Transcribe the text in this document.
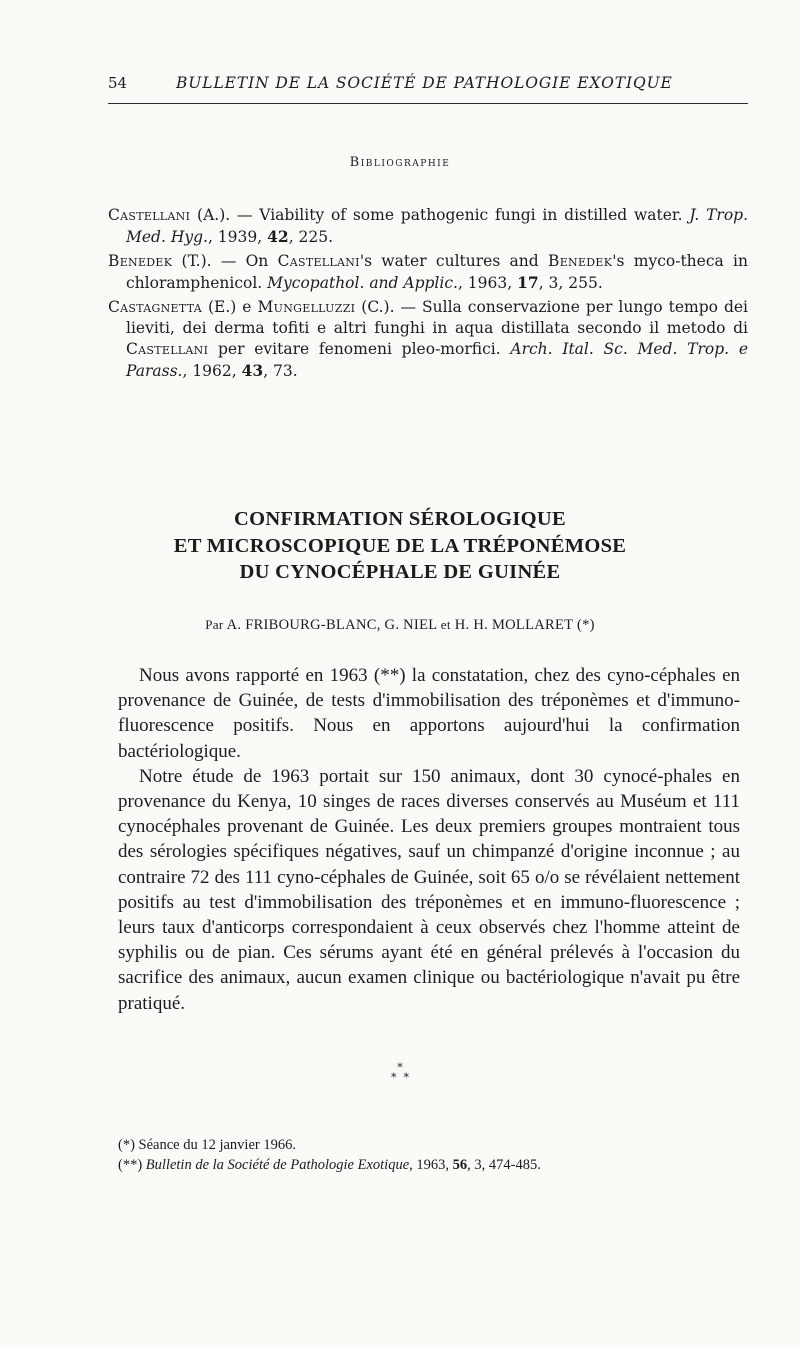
54	BULLETIN DE LA SOCIÉTÉ DE PATHOLOGIE EXOTIQUE
Bibliographie

Castellani (A.). — Viability of some pathogenic fungi in distilled water. J. Trop. Med. Hyg., 1939, 42, 225.

Benedek (T.). — On Castellani's water cultures and Benedek's myco-theca in chloramphenicol. Mycopathol. and Applic., 1963, 17, 3, 255.

Castagnetta (E.) e Mungelluzzi (C.). — Sulla conservazione per lungo tempo dei lieviti, dei derma tofiti e altri funghi in aqua distillata secondo il metodo di Castellani per evitare fenomeni pleo-morfici. Arch. Ital. Sc. Med. Trop. e Parass., 1962, 43, 73.

CONFIRMATION SÉROLOGIQUE
ET MICROSCOPIQUE DE LA TRÉPONÉMOSE
DU CYNOCÉPHALE DE GUINÉE
Par A. FRIBOURG-BLANC, G. NIEL et H. H. MOLLARET (*)

Nous avons rapporté en 1963 (**) la constatation, chez des cyno-céphales en provenance de Guinée, de tests d'immobilisation des tréponèmes et d'immuno-fluorescence positifs. Nous en apportons aujourd'hui la confirmation bactériologique.

Notre étude de 1963 portait sur 150 animaux, dont 30 cynocé-phales en provenance du Kenya, 10 singes de races diverses conservés au Muséum et 111 cynocéphales provenant de Guinée. Les deux premiers groupes montraient tous des sérologies spécifiques négatives, sauf un chimpanzé d'origine inconnue ; au contraire 72 des 111 cyno-céphales de Guinée, soit 65 o/o se révélaient nettement positifs au test d'immobilisation des tréponèmes et en immuno-fluorescence ; leurs taux d'anticorps correspondaient à ceux observés chez l'homme atteint de syphilis ou de pian. Ces sérums ayant été en général prélevés à l'occasion du sacrifice des animaux, aucun examen clinique ou bactériologique n'avait pu être pratiqué.

*
* *

(*) Séance du 12 janvier 1966.

(**) Bulletin de la Société de Pathologie Exotique, 1963, 56, 3, 474-485.
